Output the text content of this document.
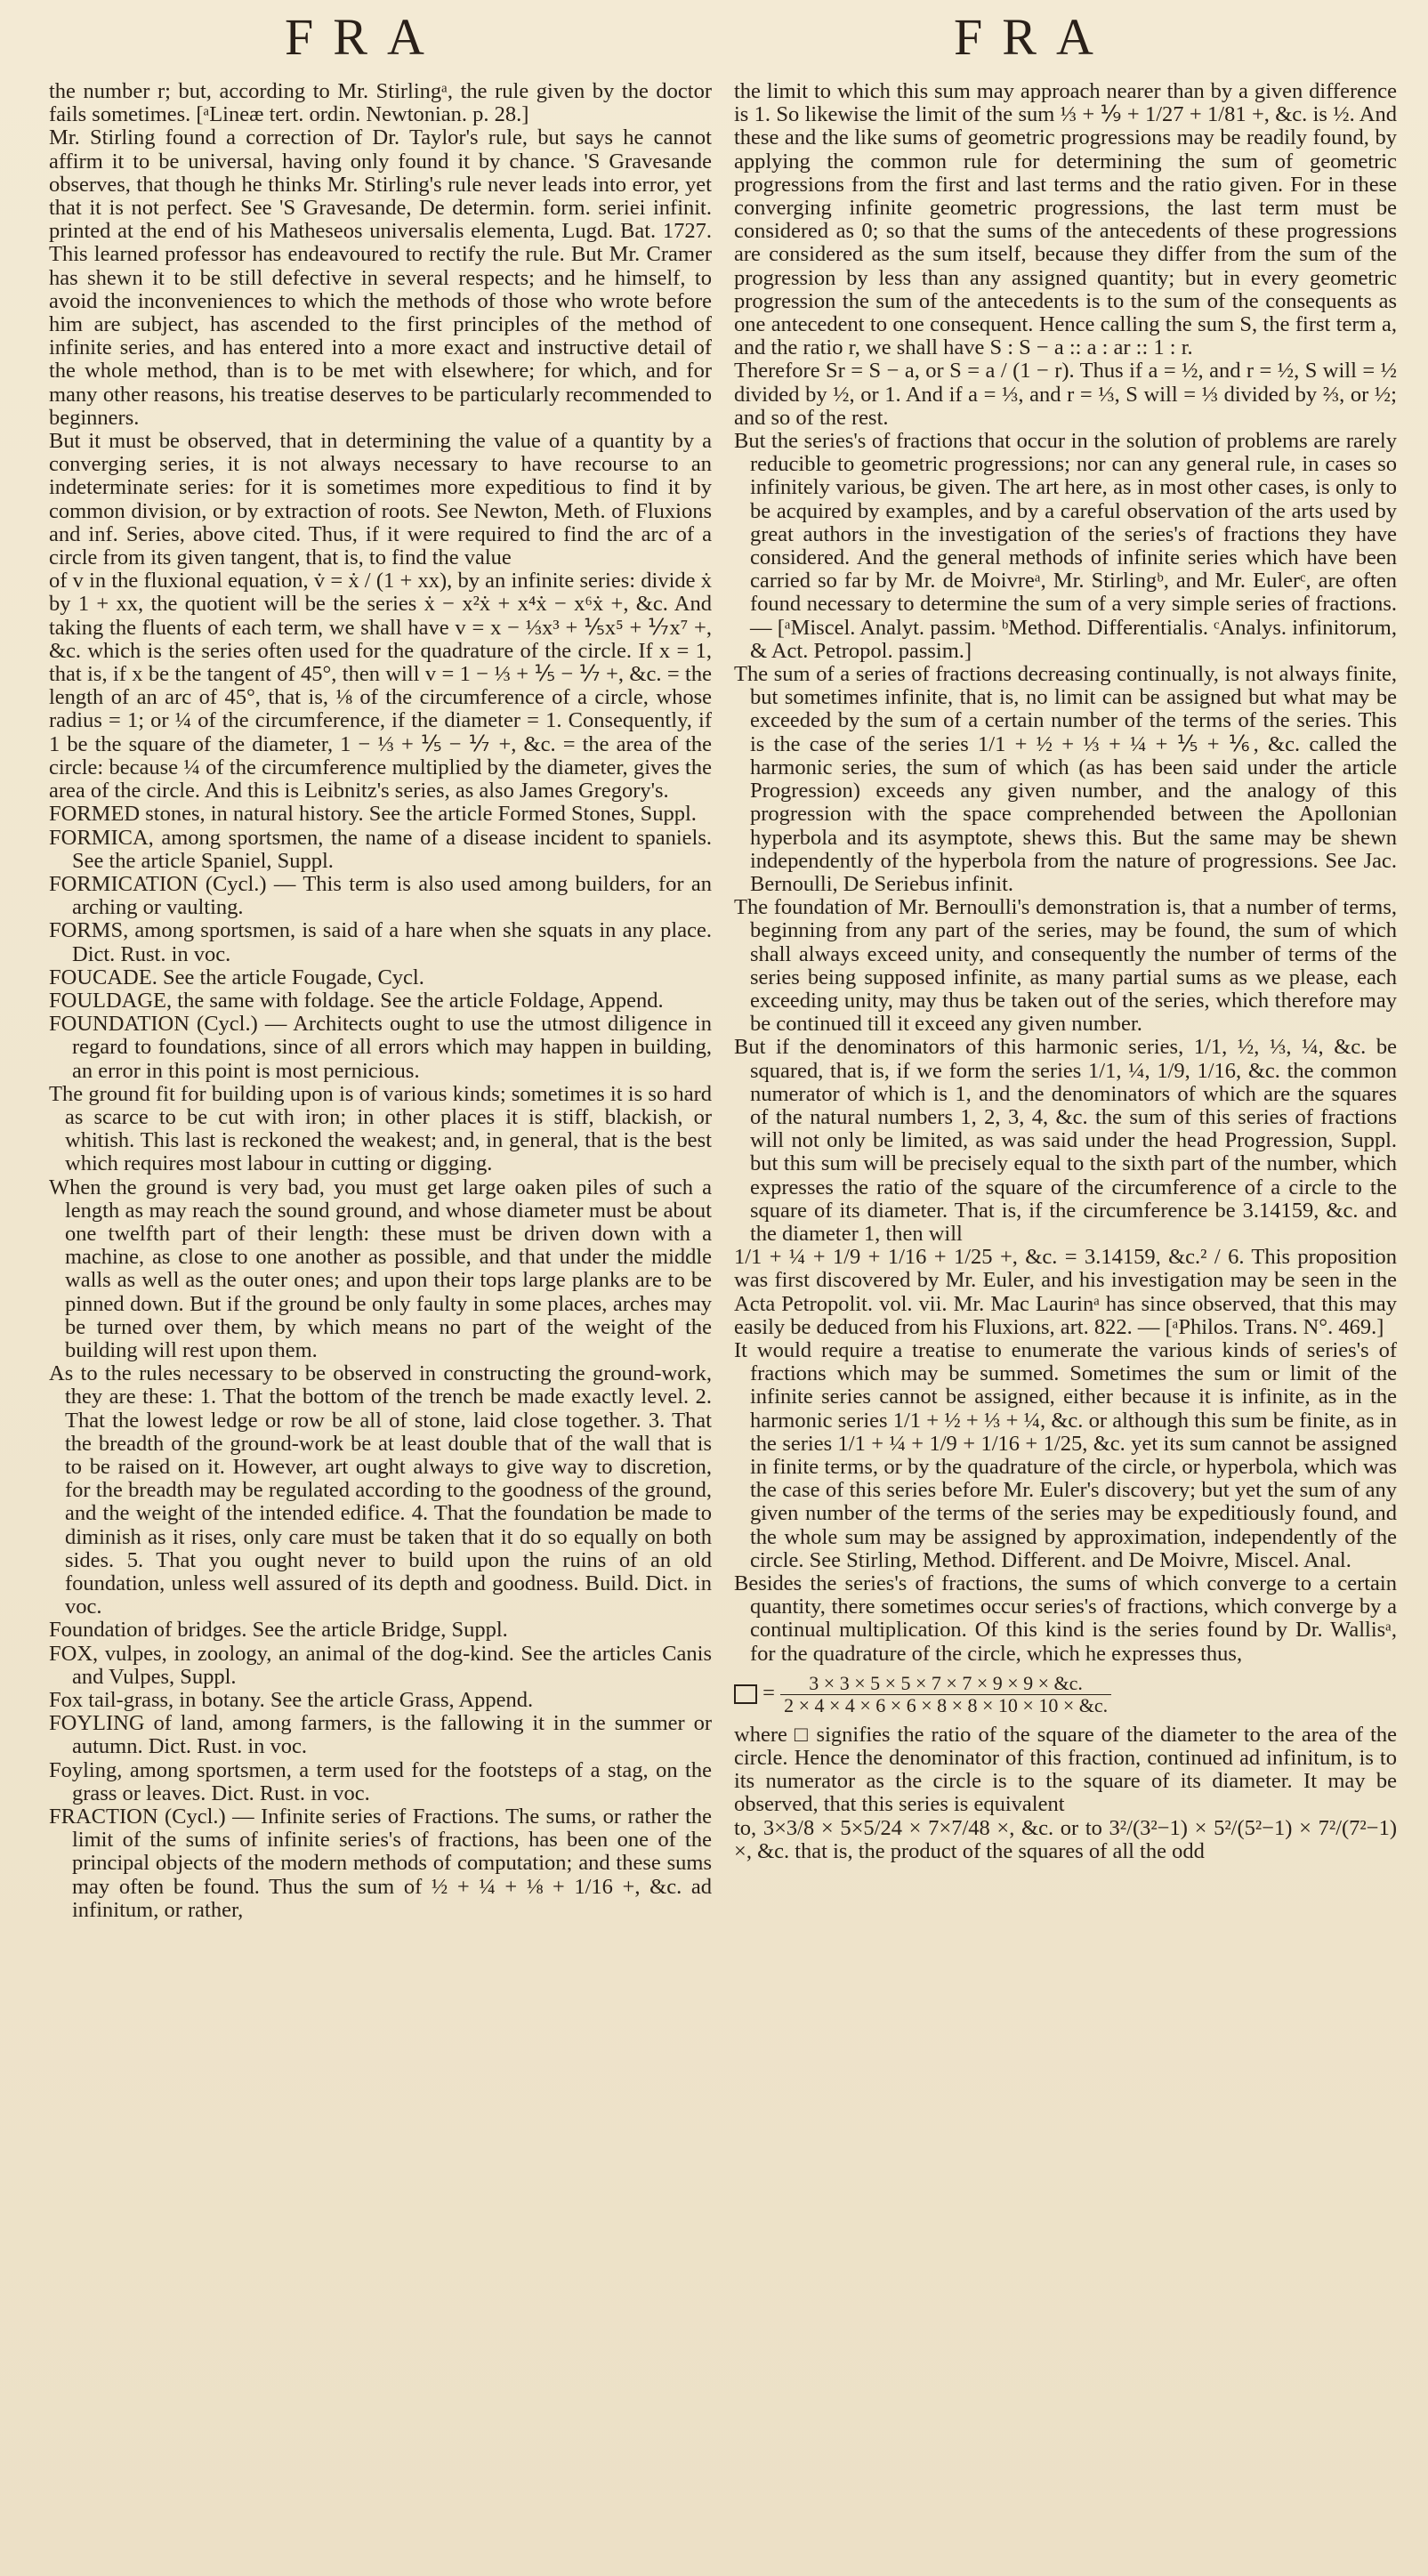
FRA	FRA

the number r; but, according to Mr. Stirlingᵃ, the rule given by the doctor fails sometimes. [ᵃLineæ tert. ordin. Newtonian. p. 28.]

Mr. Stirling found a correction of Dr. Taylor's rule, but says he cannot affirm it to be universal, having only found it by chance. 'S Gravesande observes, that though he thinks Mr. Stirling's rule never leads into error, yet that it is not perfect. See 'S Gravesande, De determin. form. seriei infinit. printed at the end of his Matheseos universalis elementa, Lugd. Bat. 1727. This learned professor has endeavoured to rectify the rule. But Mr. Cramer has shewn it to be still defective in several respects; and he himself, to avoid the inconveniences to which the methods of those who wrote before him are subject, has ascended to the first principles of the method of infinite series, and has entered into a more exact and instructive detail of the whole method, than is to be met with elsewhere; for which, and for many other reasons, his treatise deserves to be particularly recommended to beginners.

But it must be observed, that in determining the value of a quantity by a converging series, it is not always necessary to have recourse to an indeterminate series: for it is sometimes more expeditious to find it by common division, or by extraction of roots. See Newton, Meth. of Fluxions and inf. Series, above cited. Thus, if it were required to find the arc of a circle from its given tangent, that is, to find the value

of v in the fluxional equation, v̇ = ẋ / (1 + xx), by an infinite series: divide ẋ by 1 + xx, the quotient will be the series ẋ − x²ẋ + x⁴ẋ − x⁶ẋ +, &c. And taking the fluents of each term, we shall have v = x − ⅓x³ + ⅕x⁵ + ⅐x⁷ +, &c. which is the series often used for the quadrature of the circle. If x = 1, that is, if x be the tangent of 45°, then will v = 1 − ⅓ + ⅕ − ⅐ +, &c. = the length of an arc of 45°, that is, ⅛ of the circumference of a circle, whose radius = 1; or ¼ of the circumference, if the diameter = 1. Consequently, if 1 be the square of the diameter, 1 − ⅓ + ⅕ − ⅐ +, &c. = the area of the circle: because ¼ of the circumference multiplied by the diameter, gives the area of the circle. And this is Leibnitz's series, as also James Gregory's.

FORMED stones, in natural history. See the article Formed Stones, Suppl.

FORMICA, among sportsmen, the name of a disease incident to spaniels. See the article Spaniel, Suppl.

FORMICATION (Cycl.) — This term is also used among builders, for an arching or vaulting.

FORMS, among sportsmen, is said of a hare when she squats in any place. Dict. Rust. in voc.

FOUCADE. See the article Fougade, Cycl.

FOULDAGE, the same with foldage. See the article Foldage, Append.

FOUNDATION (Cycl.) — Architects ought to use the utmost diligence in regard to foundations, since of all errors which may happen in building, an error in this point is most pernicious.

The ground fit for building upon is of various kinds; sometimes it is so hard as scarce to be cut with iron; in other places it is stiff, blackish, or whitish. This last is reckoned the weakest; and, in general, that is the best which requires most labour in cutting or digging.

When the ground is very bad, you must get large oaken piles of such a length as may reach the sound ground, and whose diameter must be about one twelfth part of their length: these must be driven down with a machine, as close to one another as possible, and that under the middle walls as well as the outer ones; and upon their tops large planks are to be pinned down. But if the ground be only faulty in some places, arches may be turned over them, by which means no part of the weight of the building will rest upon them.

As to the rules necessary to be observed in constructing the ground-work, they are these: 1. That the bottom of the trench be made exactly level. 2. That the lowest ledge or row be all of stone, laid close together. 3. That the breadth of the ground-work be at least double that of the wall that is to be raised on it. However, art ought always to give way to discretion, for the breadth may be regulated according to the goodness of the ground, and the weight of the intended edifice. 4. That the foundation be made to diminish as it rises, only care must be taken that it do so equally on both sides. 5. That you ought never to build upon the ruins of an old foundation, unless well assured of its depth and goodness. Build. Dict. in voc.

Foundation of bridges. See the article Bridge, Suppl.

FOX, vulpes, in zoology, an animal of the dog-kind. See the articles Canis and Vulpes, Suppl.

Fox tail-grass, in botany. See the article Grass, Append.

FOYLING of land, among farmers, is the fallowing it in the summer or autumn. Dict. Rust. in voc.

Foyling, among sportsmen, a term used for the footsteps of a stag, on the grass or leaves. Dict. Rust. in voc.

FRACTION (Cycl.) — Infinite series of Fractions. The sums, or rather the limit of the sums of infinite series's of fractions, has been one of the principal objects of the modern methods of computation; and these sums may often be found. Thus the sum of ½ + ¼ + ⅛ + 1/16 +, &c. ad infinitum, or rather,

the limit to which this sum may approach nearer than by a given difference is 1. So likewise the limit of the sum ⅓ + ⅑ + 1/27 + 1/81 +, &c. is ½. And these and the like sums of geometric progressions may be readily found, by applying the common rule for determining the sum of geometric progressions from the first and last terms and the ratio given. For in these converging infinite geometric progressions, the last term must be considered as 0; so that the sums of the antecedents of these progressions are considered as the sum itself, because they differ from the sum of the progression by less than any assigned quantity; but in every geometric progression the sum of the antecedents is to the sum of the consequents as one antecedent to one consequent. Hence calling the sum S, the first term a, and the ratio r, we shall have S : S − a :: a : ar :: 1 : r.

Therefore Sr = S − a, or S = a / (1 − r). Thus if a = ½, and r = ½, S will = ½ divided by ½, or 1. And if a = ⅓, and r = ⅓, S will = ⅓ divided by ⅔, or ½; and so of the rest.

But the series's of fractions that occur in the solution of problems are rarely reducible to geometric progressions; nor can any general rule, in cases so infinitely various, be given. The art here, as in most other cases, is only to be acquired by examples, and by a careful observation of the arts used by great authors in the investigation of the series's of fractions they have considered. And the general methods of infinite series which have been carried so far by Mr. de Moivreᵃ, Mr. Stirlingᵇ, and Mr. Eulerᶜ, are often found necessary to determine the sum of a very simple series of fractions. — [ᵃMiscel. Analyt. passim. ᵇMethod. Differentialis. ᶜAnalys. infinitorum, & Act. Petropol. passim.]

The sum of a series of fractions decreasing continually, is not always finite, but sometimes infinite, that is, no limit can be assigned but what may be exceeded by the sum of a certain number of the terms of the series. This is the case of the series 1/1 + ½ + ⅓ + ¼ + ⅕ + ⅙, &c. called the harmonic series, the sum of which (as has been said under the article Progression) exceeds any given number, and the analogy of this progression with the space comprehended between the Apollonian hyperbola and its asymptote, shews this. But the same may be shewn independently of the hyperbola from the nature of progressions. See Jac. Bernoulli, De Seriebus infinit.

The foundation of Mr. Bernoulli's demonstration is, that a number of terms, beginning from any part of the series, may be found, the sum of which shall always exceed unity, and consequently the number of terms of the series being supposed infinite, as many partial sums as we please, each exceeding unity, may thus be taken out of the series, which therefore may be continued till it exceed any given number.

But if the denominators of this harmonic series, 1/1, ½, ⅓, ¼, &c. be squared, that is, if we form the series 1/1, ¼, 1/9, 1/16, &c. the common numerator of which is 1, and the denominators of which are the squares of the natural numbers 1, 2, 3, 4, &c. the sum of this series of fractions will not only be limited, as was said under the head Progression, Suppl. but this sum will be precisely equal to the sixth part of the number, which expresses the ratio of the square of the circumference of a circle to the square of its diameter. That is, if the circumference be 3.14159, &c. and the diameter 1, then will

1/1 + ¼ + 1/9 + 1/16 + 1/25 +, &c. = 3.14159, &c.² / 6. This proposition was first discovered by Mr. Euler, and his investigation may be seen in the Acta Petropolit. vol. vii. Mr. Mac Laurinᵃ has since observed, that this may easily be deduced from his Fluxions, art. 822. — [ᵃPhilos. Trans. N°. 469.]

It would require a treatise to enumerate the various kinds of series's of fractions which may be summed. Sometimes the sum or limit of the infinite series cannot be assigned, either because it is infinite, as in the harmonic series 1/1 + ½ + ⅓ + ¼, &c. or although this sum be finite, as in the series 1/1 + ¼ + 1/9 + 1/16 + 1/25, &c. yet its sum cannot be assigned in finite terms, or by the quadrature of the circle, or hyperbola, which was the case of this series before Mr. Euler's discovery; but yet the sum of any given number of the terms of the series may be expeditiously found, and the whole sum may be assigned by approximation, independently of the circle. See Stirling, Method. Different. and De Moivre, Miscel. Anal.

Besides the series's of fractions, the sums of which converge to a certain quantity, there sometimes occur series's of fractions, which converge by a continual multiplication. Of this kind is the series found by Dr. Wallisᵃ, for the quadrature of the circle, which he expresses thus,

= $\frac{3 \times 3 \times 5 \times 5 \times 7 \times 7 \times 9 \times 9 \times \&c.}{2 \times 4 \times 4 \times 6 \times 6 \times 8 \times 8 \times 10 \times 10 \times \&c.}$

where □ signifies the ratio of the square of the diameter to the area of the circle. Hence the denominator of this fraction, continued ad infinitum, is to its numerator as the circle is to the square of its diameter. It may be observed, that this series is equivalent

to, 3×3/8 × 5×5/24 × 7×7/48 ×, &c. or to 3²/(3²−1) × 5²/(5²−1) × 7²/(7²−1) ×, &c. that is, the product of the squares of all the odd
